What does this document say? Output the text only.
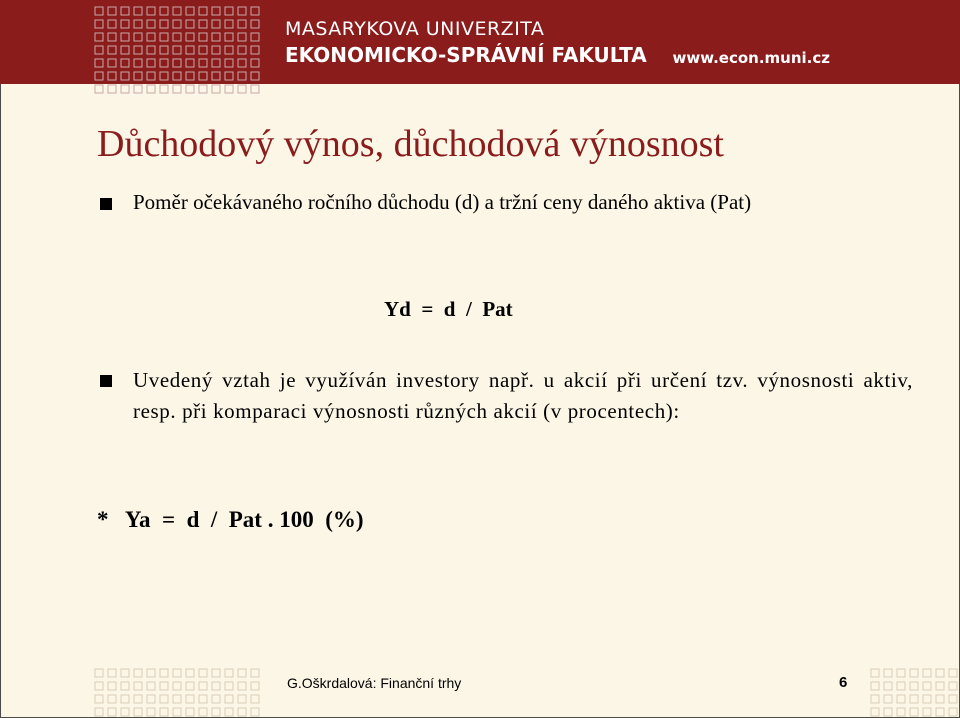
MASARYKOVA UNIVERZITA
EKONOMICKO-SPRÁVNÍ FAKULTA www.econ.muni.cz
Důchodový výnos, důchodová výnosnost
Poměr očekávaného ročního důchodu (d) a tržní ceny daného aktiva (Pat)
Yd  =  d  /  Pat
Uvedený vztah je využíván investory např. u akcií při určení tzv. výnosnosti aktiv, resp. při komparaci výnosnosti různých akcií (v procentech):
*   Ya  =  d  /  Pat . 100  (%)
G.Oškrdalová: Finanční trhy	6
